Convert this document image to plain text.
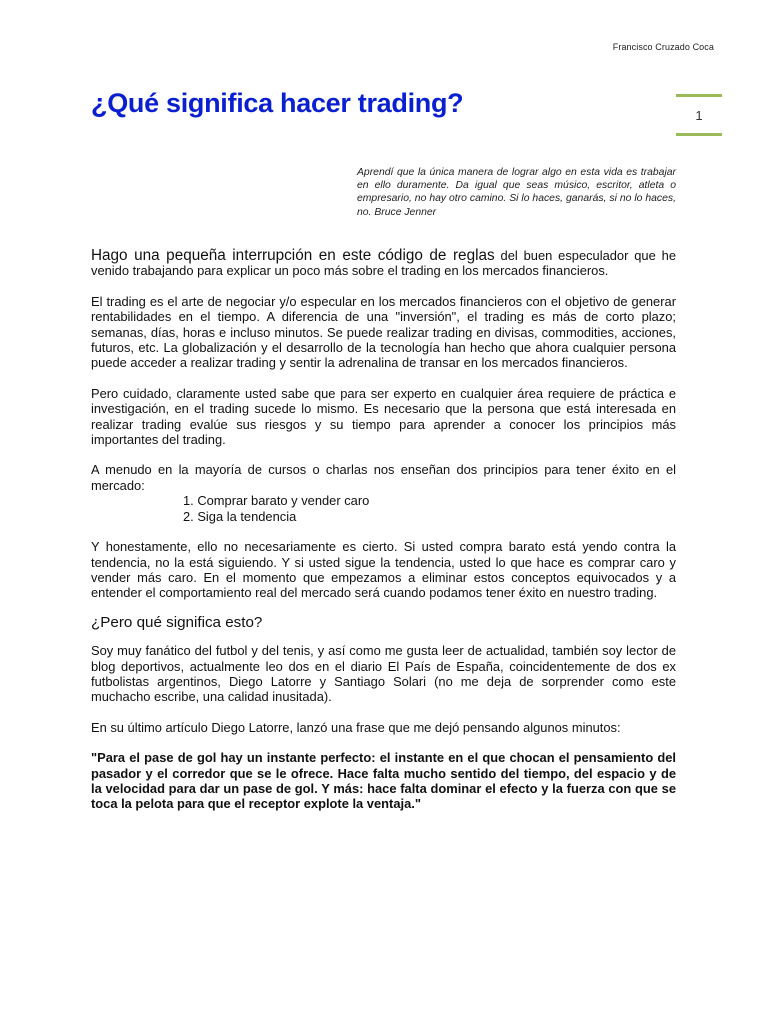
Francisco Cruzado Coca
¿Qué significa hacer trading?	1

Aprendí que la única manera de lograr algo en esta vida es trabajar en ello duramente. Da igual que seas músico, escritor, atleta o empresario, no hay otro camino. Si lo haces, ganarás, si no lo haces, no. Bruce Jenner

Hago una pequeña interrupción en este código de reglas del buen especulador que he venido trabajando para explicar un poco más sobre el trading en los mercados financieros.

El trading es el arte de negociar y/o especular en los mercados financieros con el objetivo de generar rentabilidades en el tiempo. A diferencia de una "inversión", el trading es más de corto plazo; semanas, días, horas e incluso minutos. Se puede realizar trading en divisas, commodities, acciones, futuros, etc. La globalización y el desarrollo de la tecnología han hecho que ahora cualquier persona puede acceder a realizar trading y sentir la adrenalina de transar en los mercados financieros.

Pero cuidado, claramente usted sabe que para ser experto en cualquier área requiere de práctica e investigación, en el trading sucede lo mismo. Es necesario que la persona que está interesada en realizar trading evalúe sus riesgos y su tiempo para aprender a conocer los principios más importantes del trading.

A menudo en la mayoría de cursos o charlas nos enseñan dos principios para tener éxito en el mercado:

1. Comprar barato y vender caro
2. Siga la tendencia

Y honestamente, ello no necesariamente es cierto. Si usted compra barato está yendo contra la tendencia, no la está siguiendo. Y si usted sigue la tendencia, usted lo que hace es comprar caro y vender más caro. En el momento que empezamos a eliminar estos conceptos equivocados y a entender el comportamiento real del mercado será cuando podamos tener éxito en nuestro trading.

¿Pero qué significa esto?

Soy muy fanático del futbol y del tenis, y así como me gusta leer de actualidad, también soy lector de blog deportivos, actualmente leo dos en el diario El País de España, coincidentemente de dos ex futbolistas argentinos, Diego Latorre y Santiago Solari (no me deja de sorprender como este muchacho escribe, una calidad inusitada).

En su último artículo Diego Latorre, lanzó una frase que me dejó pensando algunos minutos:

"Para el pase de gol hay un instante perfecto: el instante en el que chocan el pensamiento del pasador y el corredor que se le ofrece. Hace falta mucho sentido del tiempo, del espacio y de la velocidad para dar un pase de gol. Y más: hace falta dominar el efecto y la fuerza con que se toca la pelota para que el receptor explote la ventaja."
